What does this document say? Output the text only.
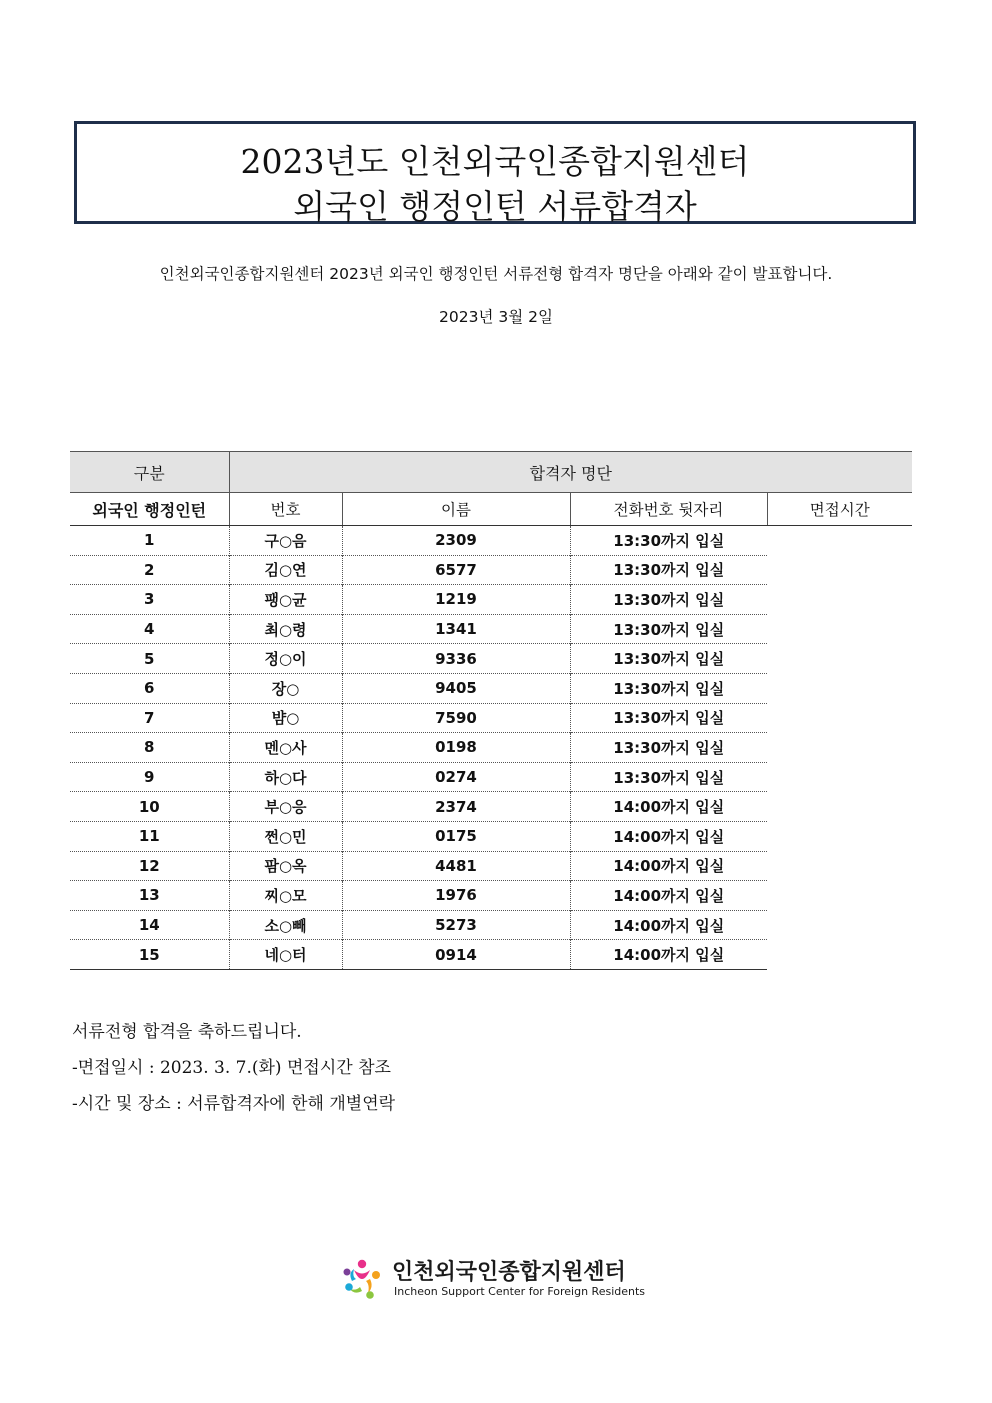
2023년도 인천외국인종합지원센터
외국인 행정인턴 서류합격자
인천외국인종합지원센터 2023년 외국인 행정인턴 서류전형 합격자 명단을 아래와 같이 발표합니다.
2023년 3월 2일
구분	합격자 명단			
외국인 행정인턴	번호	이름	전화번호 뒷자리	면접시간
1	구○음	2309	13:30까지 입실	
2	김○연	6577	13:30까지 입실	
3	팽○균	1219	13:30까지 입실	
4	최○령	1341	13:30까지 입실	
5	정○이	9336	13:30까지 입실	
6	장○	9405	13:30까지 입실	
7	뱜○	7590	13:30까지 입실	
8	멘○사	0198	13:30까지 입실	
9	하○다	0274	13:30까지 입실	
10	부○응	2374	14:00까지 입실	
11	쩐○민	0175	14:00까지 입실	
12	팜○옥	4481	14:00까지 입실	
13	찌○모	1976	14:00까지 입실	
14	소○빼	5273	14:00까지 입실	
15	네○터	0914	14:00까지 입실	
서류전형 합격을 축하드립니다.
-면접일시 : 2023. 3. 7.(화) 면접시간 참조
-시간 및 장소 : 서류합격자에 한해 개별연락
인천외국인종합지원센터
Incheon Support Center for Foreign Residents
